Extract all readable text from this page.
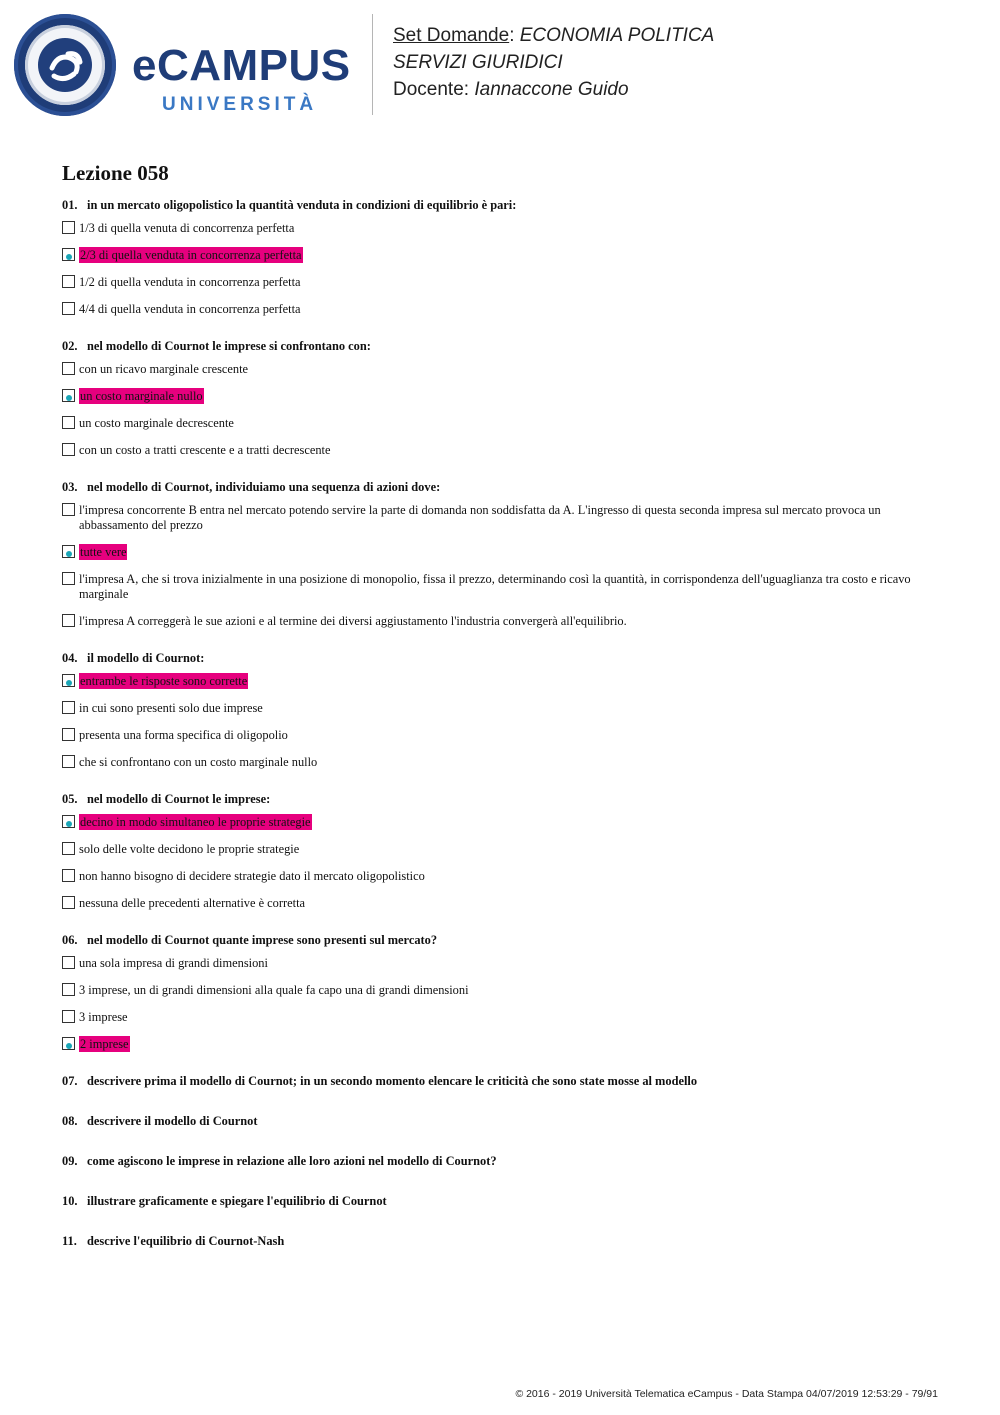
eCAMPUS
UNIVERSITÀ
Set Domande: ECONOMIA POLITICA
SERVIZI GIURIDICI
Docente: Iannaccone Guido
Lezione 058
01. in un mercato oligopolistico la quantità venduta in condizioni di equilibrio è pari:
1/3 di quella venuta di concorrenza perfetta
2/3 di quella venduta in concorrenza perfetta
1/2 di quella venduta in concorrenza perfetta
4/4 di quella venduta in concorrenza perfetta
02. nel modello di Cournot le imprese si confrontano con:
con un ricavo marginale crescente
un costo marginale nullo
un costo marginale decrescente
con un costo a tratti crescente e a tratti decrescente
03. nel modello di Cournot, individuiamo una sequenza di azioni dove:
l'impresa concorrente B entra nel mercato potendo servire la parte di domanda non soddisfatta da A. L'ingresso di questa seconda impresa sul mercato provoca un abbassamento del prezzo
tutte vere
l'impresa A, che si trova inizialmente in una posizione di monopolio, fissa il prezzo, determinando così la quantità, in corrispondenza dell'uguaglianza tra costo e ricavo marginale
l'impresa A correggerà le sue azioni e al termine dei diversi aggiustamento l'industria convergerà all'equilibrio.
04. il modello di Cournot:
entrambe le risposte sono corrette
in cui sono presenti solo due imprese
presenta una forma specifica di oligopolio
che si confrontano con un costo marginale nullo
05. nel modello di Cournot le imprese:
decino in modo simultaneo le proprie strategie
solo delle volte decidono le proprie strategie
non hanno bisogno di decidere strategie dato il mercato oligopolistico
nessuna delle precedenti alternative è corretta
06. nel modello di Cournot quante imprese sono presenti sul mercato?
una sola impresa di grandi dimensioni
3 imprese, un di grandi dimensioni alla quale fa capo una di grandi dimensioni
3 imprese
2 imprese
07. descrivere prima il modello di Cournot; in un secondo momento elencare le criticità che sono state mosse al modello
08. descrivere il modello di Cournot
09. come agiscono le imprese in relazione alle loro azioni nel modello di Cournot?
10. illustrare graficamente e spiegare l'equilibrio di Cournot
11. descrive l'equilibrio di Cournot-Nash
© 2016 - 2019 Università Telematica eCampus - Data Stampa 04/07/2019 12:53:29 - 79/91
